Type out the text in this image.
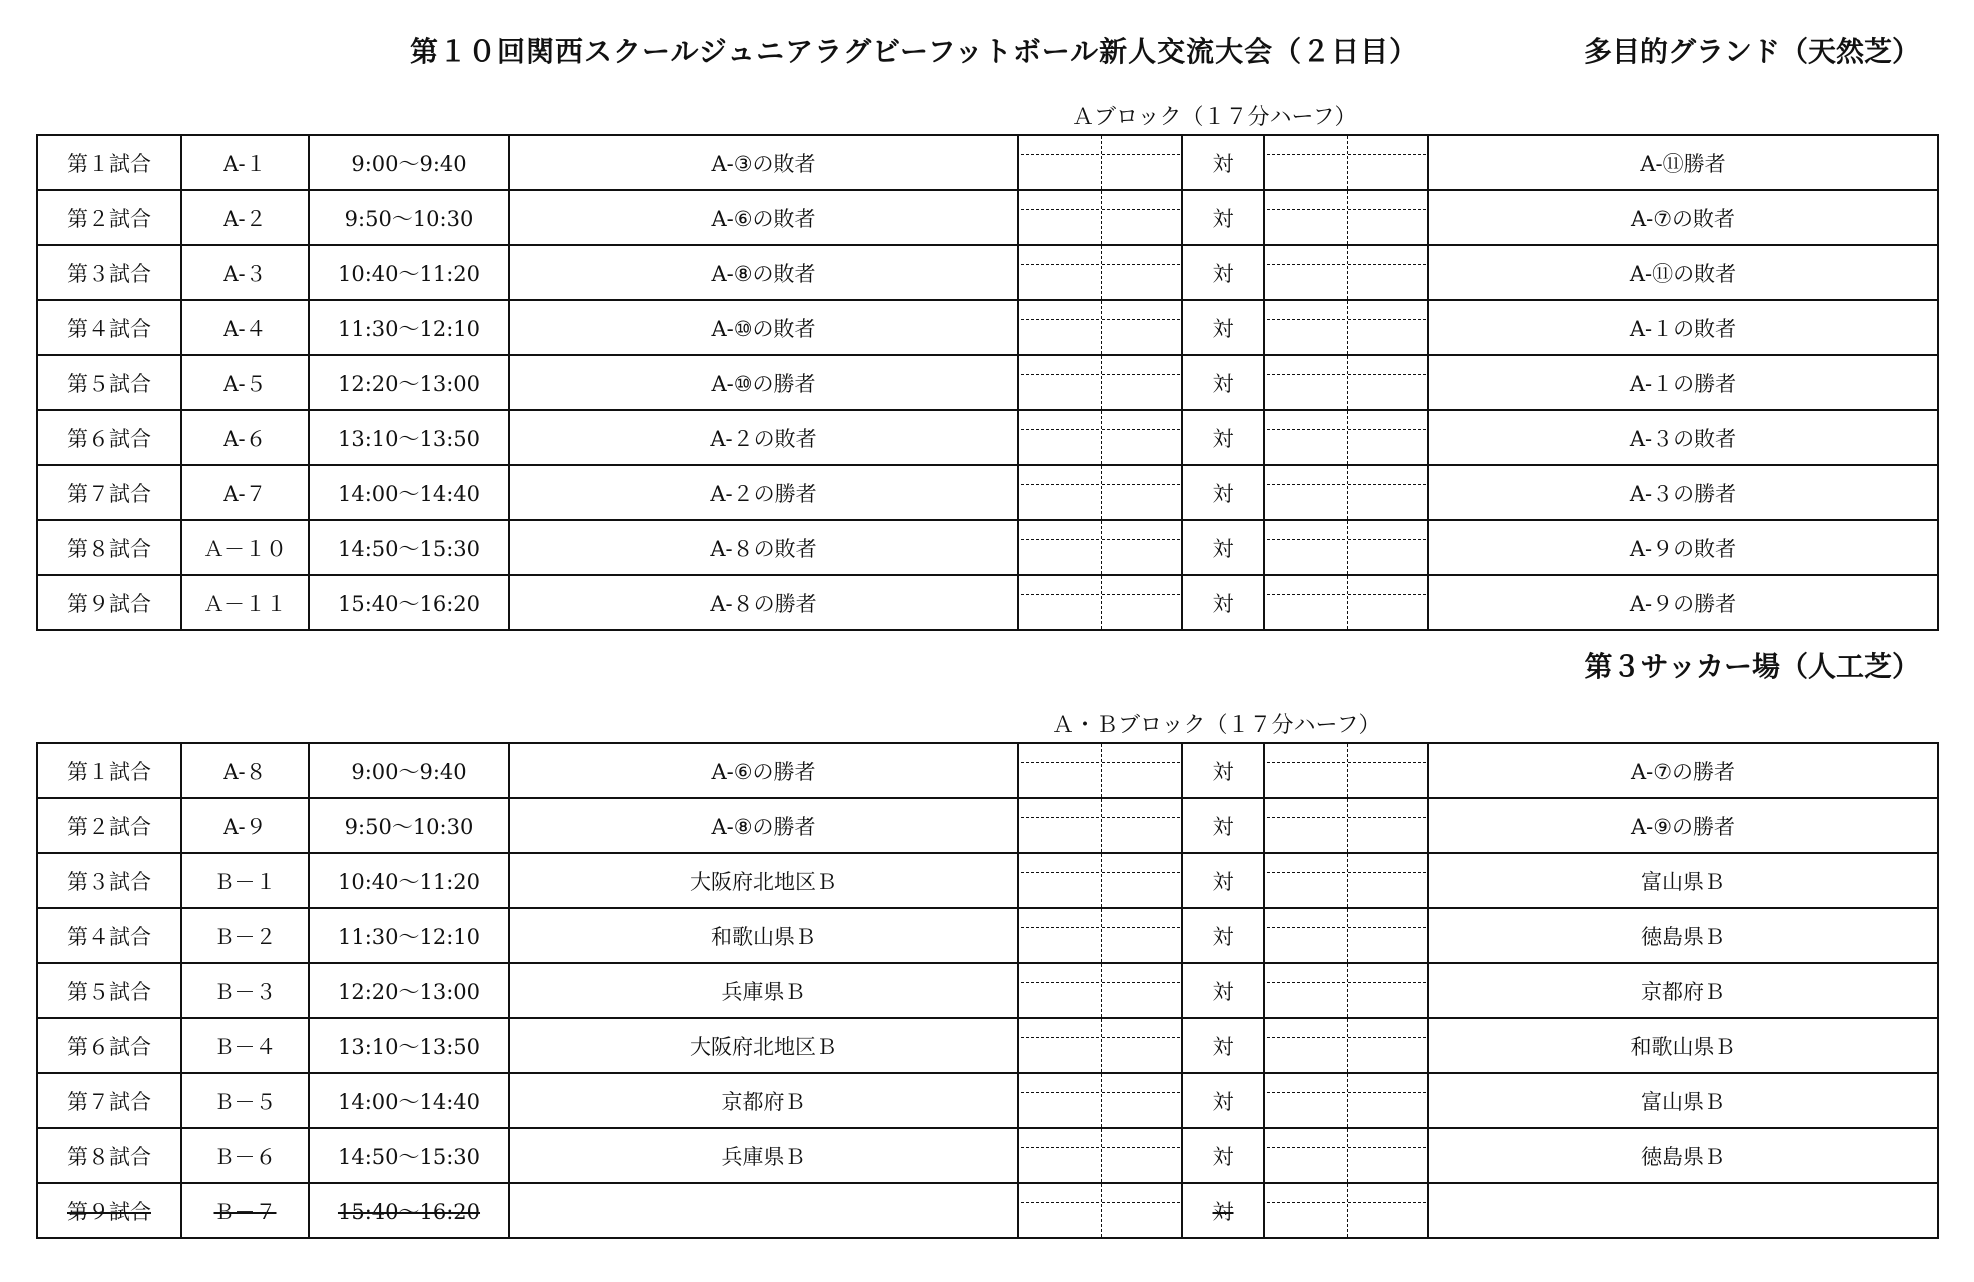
第１０回関西スクールジュニアラグビーフットボール新人交流大会（２日目）	多目的グランド（天然芝）
Ａブロック（１７分ハーフ）
第１試合	A-１	9:00〜9:40	A-③の敗者			対			A-⑪勝者
第２試合	A-２	9:50〜10:30	A-⑥の敗者			対			A-⑦の敗者
第３試合	A-３	10:40〜11:20	A-⑧の敗者			対			A-⑪の敗者
第４試合	A-４	11:30〜12:10	A-⑩の敗者			対			A-１の敗者
第５試合	A-５	12:20〜13:00	A-⑩の勝者			対			A-１の勝者
第６試合	A-６	13:10〜13:50	A-２の敗者			対			A-３の敗者
第７試合	A-７	14:00〜14:40	A-２の勝者			対			A-３の勝者
第８試合	Ａ－１０	14:50〜15:30	A-８の敗者			対			A-９の敗者
第９試合	Ａ－１１	15:40〜16:20	A-８の勝者			対			A-９の勝者
第３サッカー場（人工芝）
Ａ・Ｂブロック（１７分ハーフ）
第１試合	A-８	9:00〜9:40	A-⑥の勝者			対			A-⑦の勝者
第２試合	A-９	9:50〜10:30	A-⑧の勝者			対			A-⑨の勝者
第３試合	Ｂ－１	10:40〜11:20	大阪府北地区Ｂ			対			富山県Ｂ
第４試合	Ｂ－２	11:30〜12:10	和歌山県Ｂ			対			徳島県Ｂ
第５試合	Ｂ－３	12:20〜13:00	兵庫県Ｂ			対			京都府Ｂ
第６試合	Ｂ－４	13:10〜13:50	大阪府北地区Ｂ			対			和歌山県Ｂ
第７試合	Ｂ－５	14:00〜14:40	京都府Ｂ			対			富山県Ｂ
第８試合	Ｂ－６	14:50〜15:30	兵庫県Ｂ			対			徳島県Ｂ
第９試合	Ｂ－７	15:40〜16:20				対	
